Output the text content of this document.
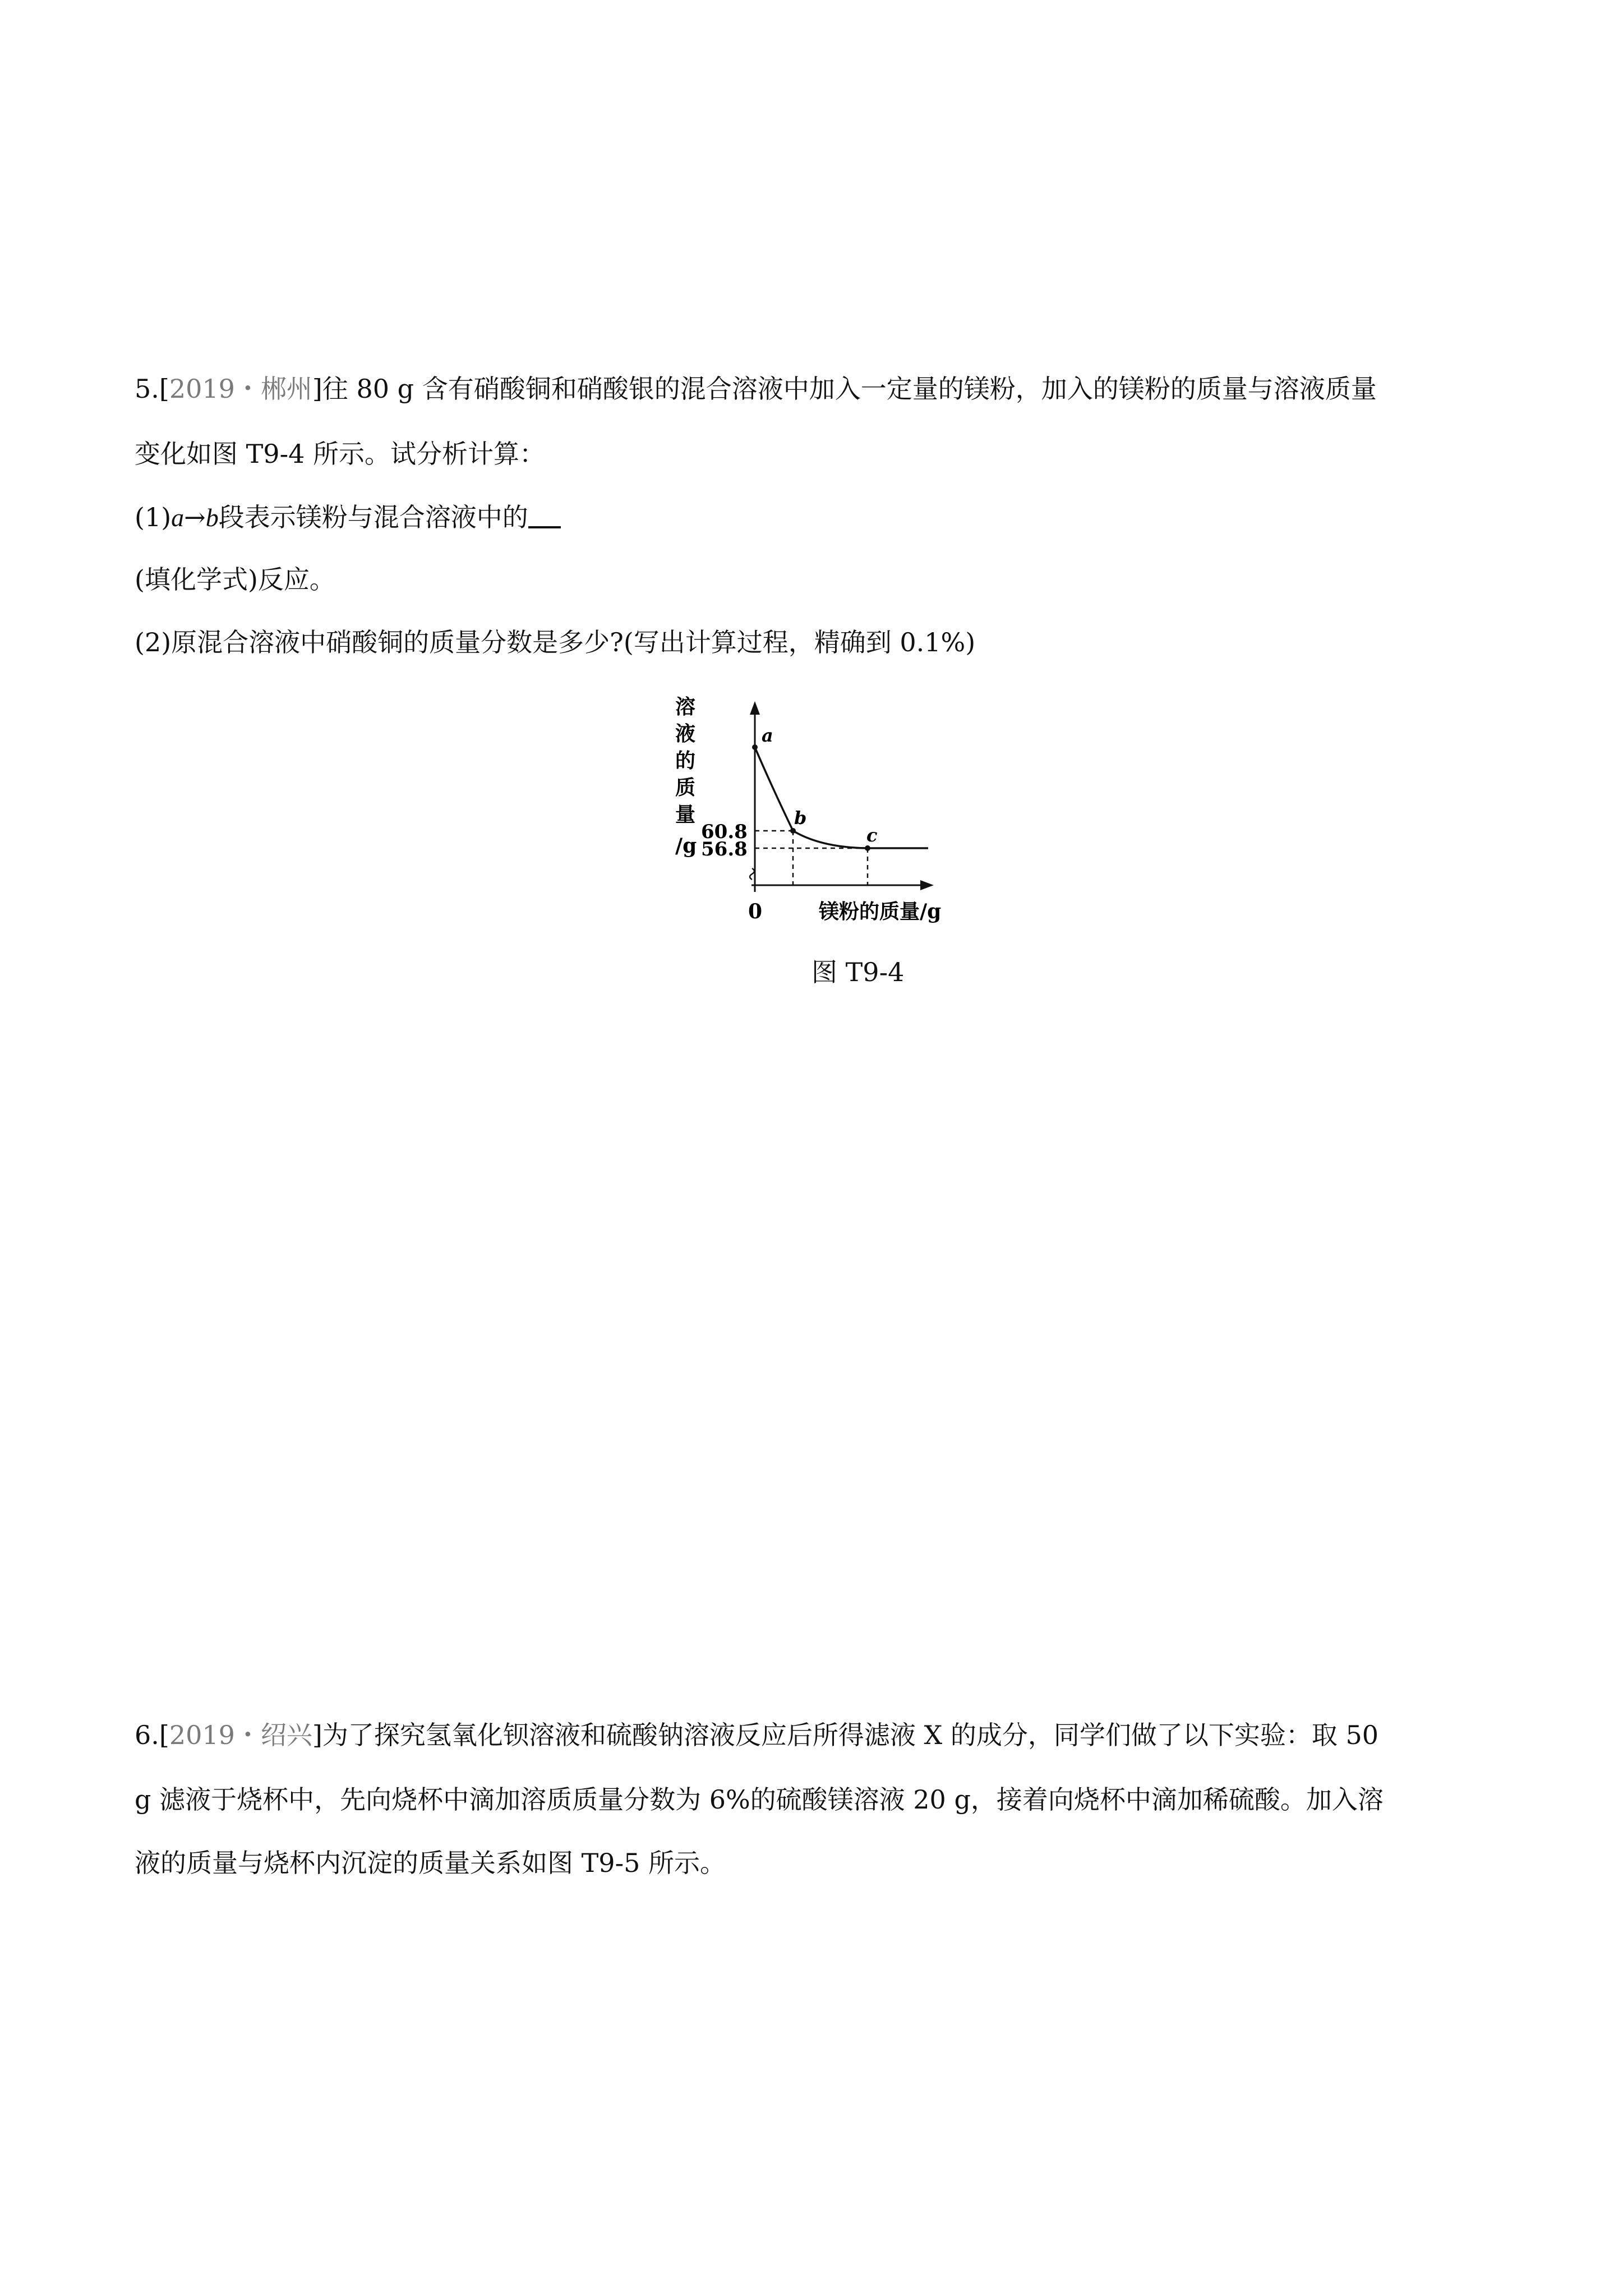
5.[2019・郴州]往 80 g 含有硝酸铜和硝酸银的混合溶液中加入一定量的镁粉，加入的镁粉的质量与溶液质量
变化如图 T9-4 所示。试分析计算：
(1)a→b段表示镁粉与混合溶液中的
(填化学式)反应。
(2)原混合溶液中硝酸铜的质量分数是多少?(写出计算过程，精确到 0.1%)
溶
液
的
质
量
/g
镁粉的质量/g
0
60.8
56.8
a
b
c
图 T9-4
6.[2019・绍兴]为了探究氢氧化钡溶液和硫酸钠溶液反应后所得滤液 X 的成分，同学们做了以下实验：取 50
g 滤液于烧杯中，先向烧杯中滴加溶质质量分数为 6%的硫酸镁溶液 20 g，接着向烧杯中滴加稀硫酸。加入溶
液的质量与烧杯内沉淀的质量关系如图 T9-5 所示。
